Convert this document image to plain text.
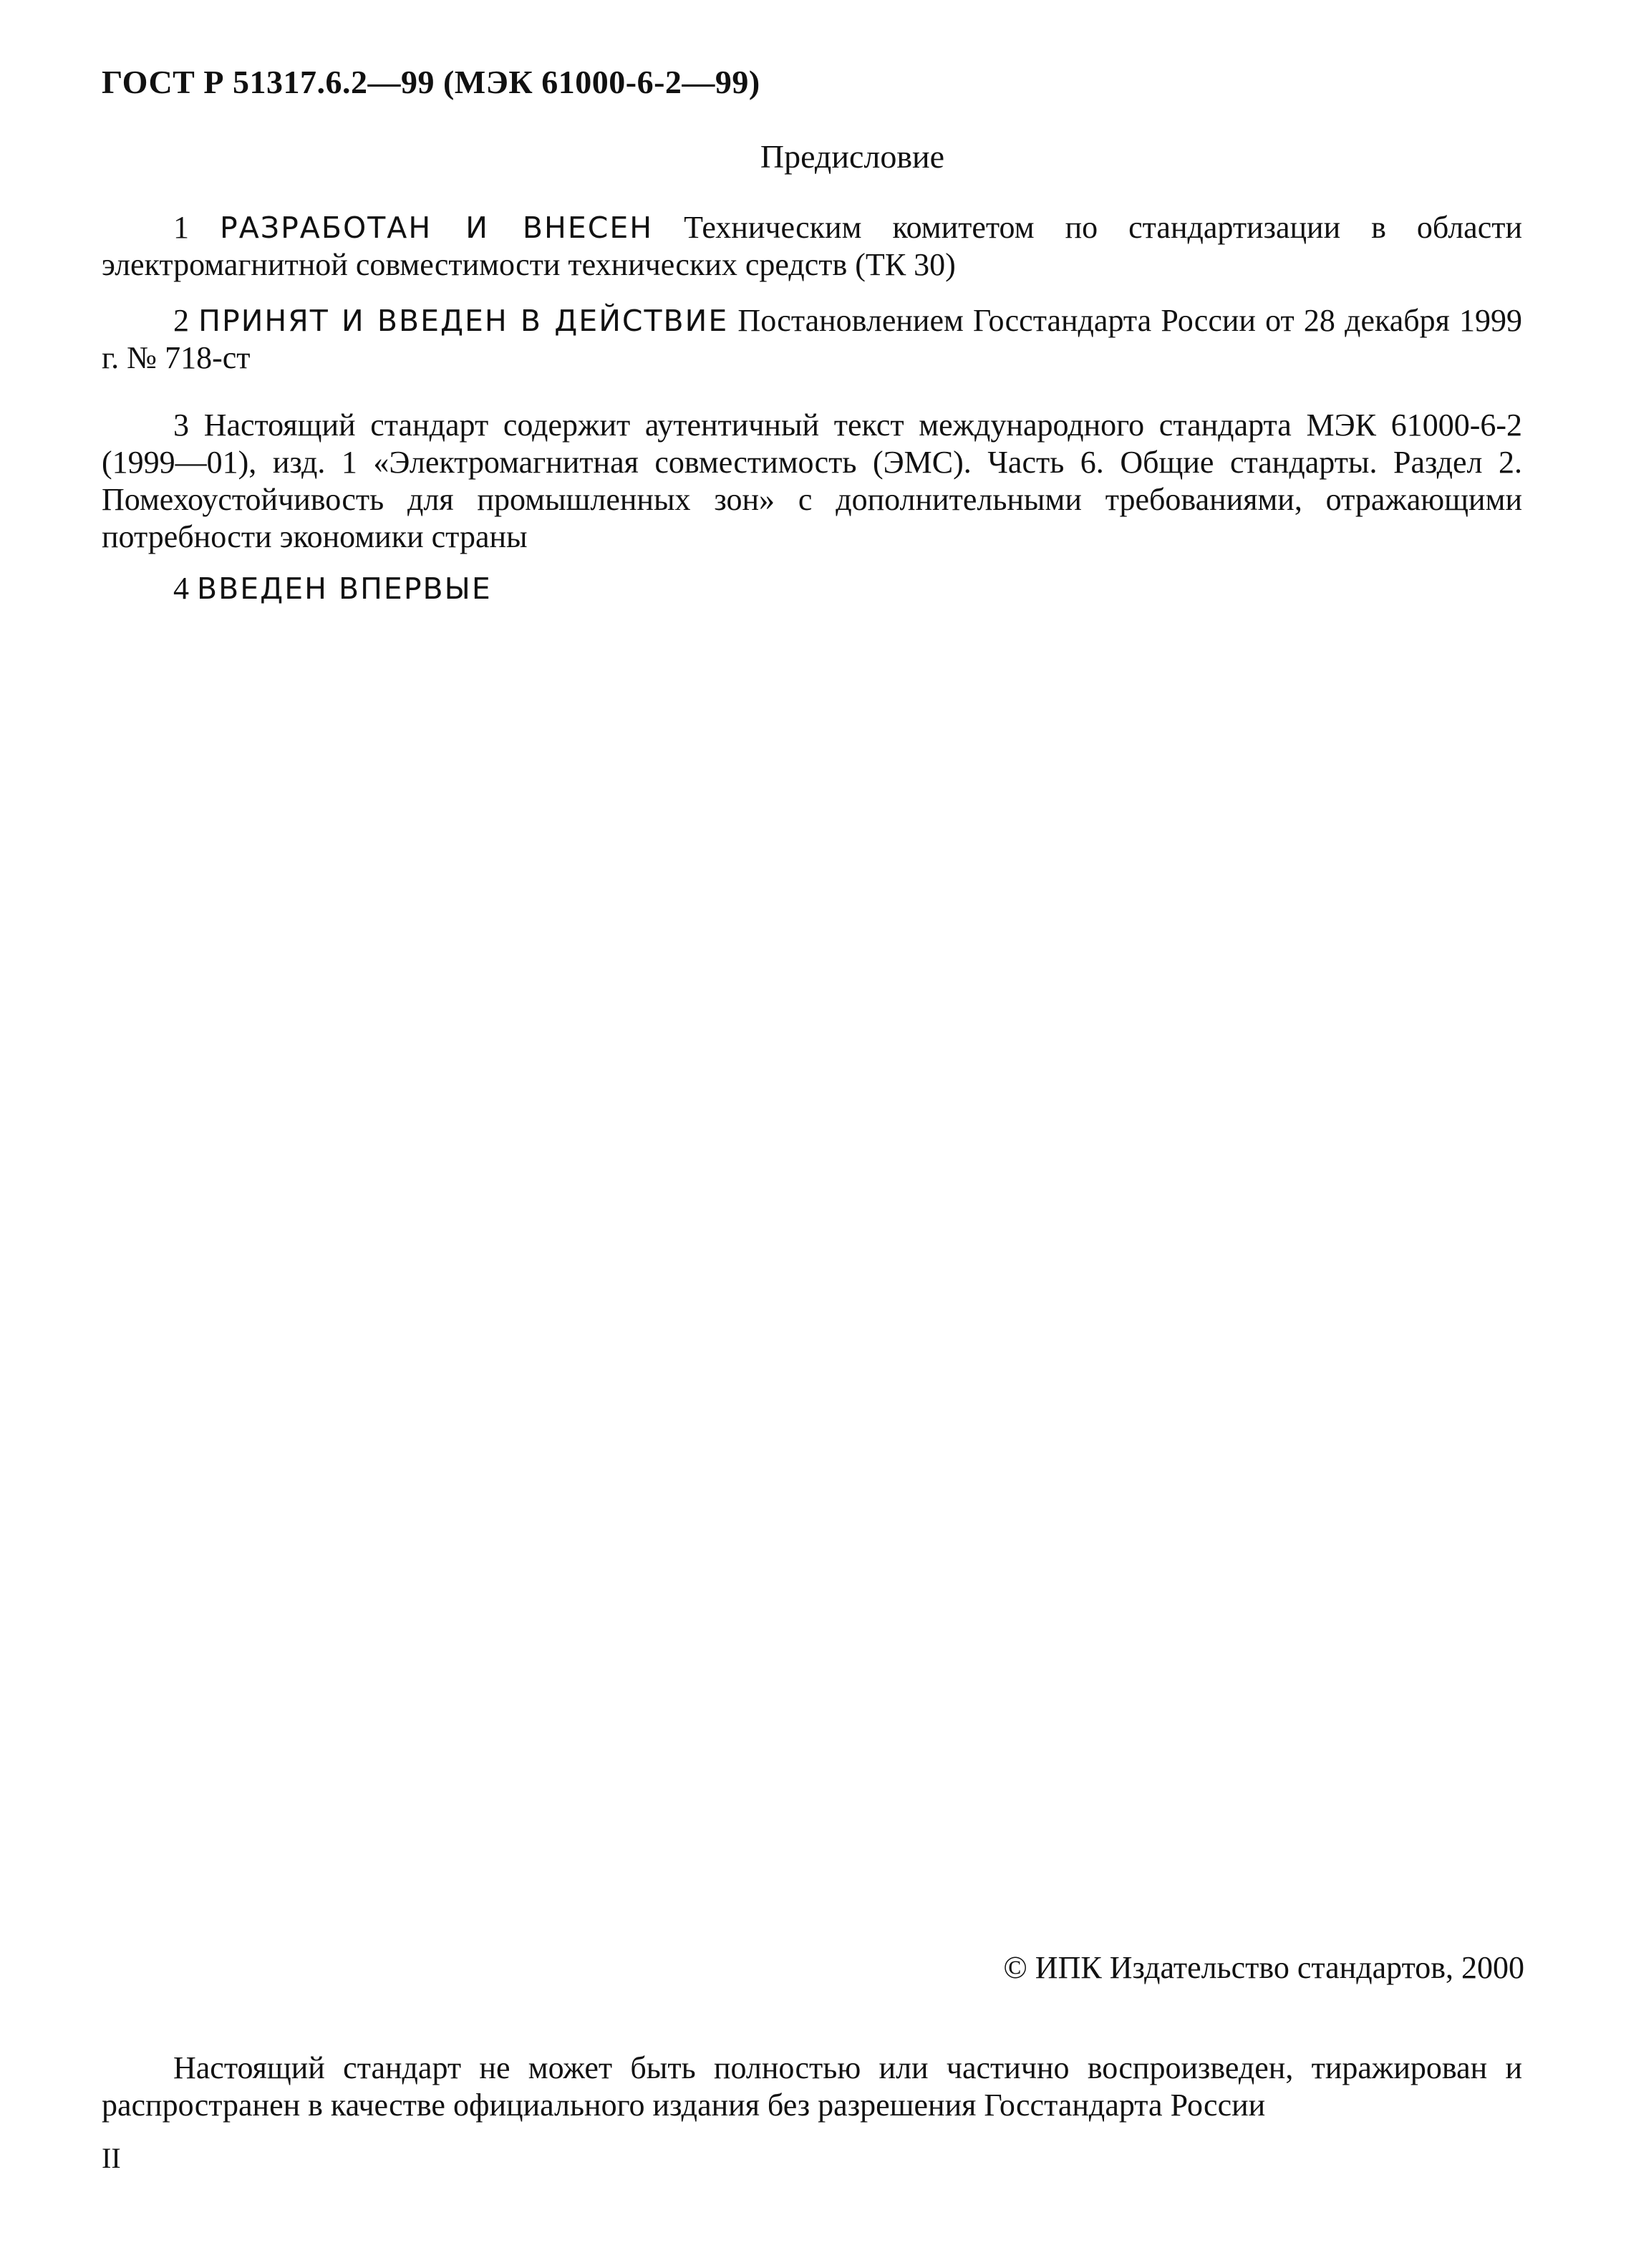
ГОСТ Р 51317.6.2—99 (МЭК 61000-6-2—99)
Предисловие
1 РАЗРАБОТАН И ВНЕСЕН Техническим комитетом по стандартизации в области электромагнитной совместимости технических средств (ТК 30)
2 ПРИНЯТ И ВВЕДЕН В ДЕЙСТВИЕ Постановлением Госстандарта России от 28 декабря 1999 г. № 718-ст
3 Настоящий стандарт содержит аутентичный текст международного стандарта МЭК 61000-6-2 (1999—01), изд. 1 «Электромагнитная совместимость (ЭМС). Часть 6. Общие стандарты. Раздел 2. Помехоустойчивость для промышленных зон» с дополнительными требованиями, отражающими потребности экономики страны
4 ВВЕДЕН ВПЕРВЫЕ
© ИПК Издательство стандартов, 2000
Настоящий стандарт не может быть полностью или частично воспроизведен, тиражирован и распространен в качестве официального издания без разрешения Госстандарта России
II
